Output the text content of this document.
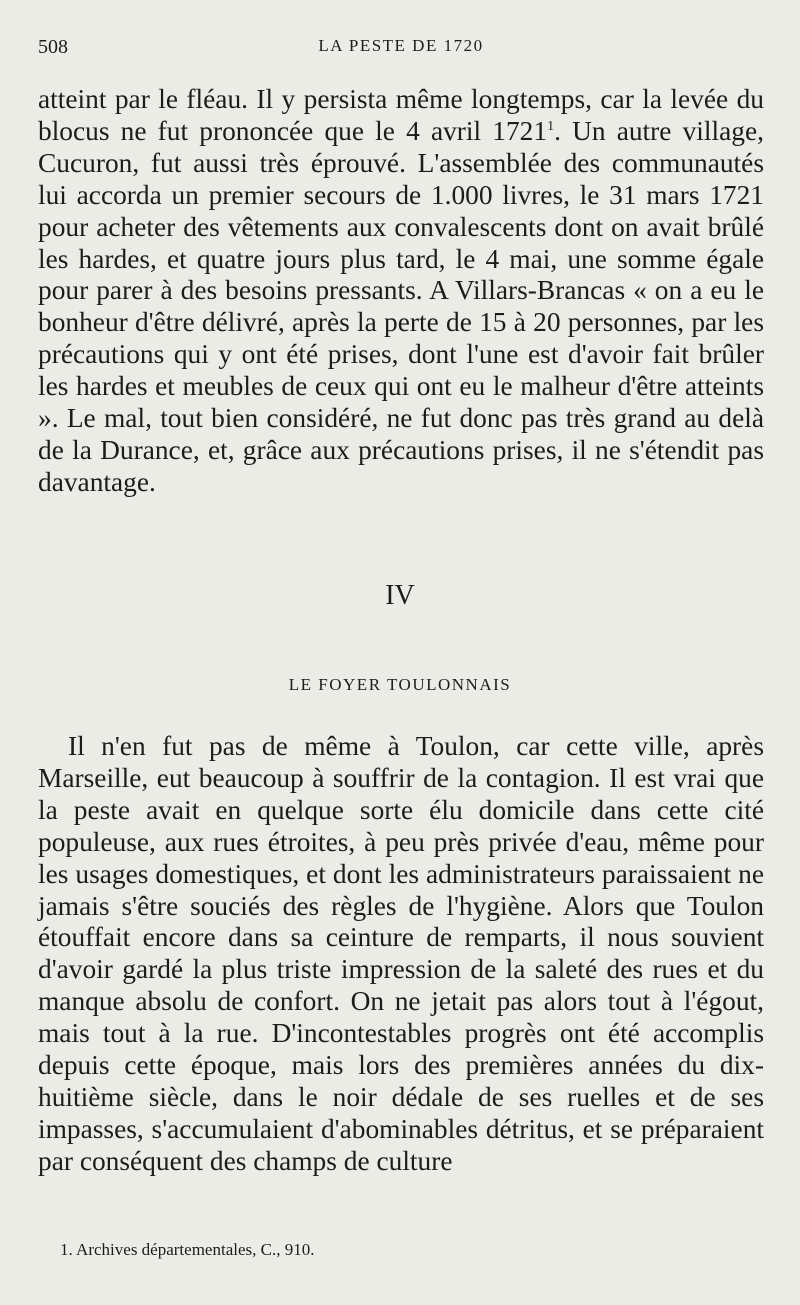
508	LA PESTE DE 1720

atteint par le fléau. Il y persista même longtemps, car la levée du blocus ne fut prononcée que le 4 avril 1721$^1$. Un autre village, Cucuron, fut aussi très éprouvé. L'assemblée des communautés lui accorda un premier secours de 1.000 livres, le 31 mars 1721 pour acheter des vêtements aux convalescents dont on avait brûlé les hardes, et quatre jours plus tard, le 4 mai, une somme égale pour parer à des besoins pressants. A Villars-Brancas « on a eu le bonheur d'être délivré, après la perte de 15 à 20 personnes, par les précautions qui y ont été prises, dont l'une est d'avoir fait brûler les hardes et meubles de ceux qui ont eu le malheur d'être atteints ». Le mal, tout bien considéré, ne fut donc pas très grand au delà de la Durance, et, grâce aux précautions prises, il ne s'étendit pas davantage.

IV
LE FOYER TOULONNAIS

Il n'en fut pas de même à Toulon, car cette ville, après Marseille, eut beaucoup à souffrir de la contagion. Il est vrai que la peste avait en quelque sorte élu domicile dans cette cité populeuse, aux rues étroites, à peu près privée d'eau, même pour les usages domestiques, et dont les administrateurs paraissaient ne jamais s'être souciés des règles de l'hygiène. Alors que Toulon étouffait encore dans sa ceinture de remparts, il nous souvient d'avoir gardé la plus triste impression de la saleté des rues et du manque absolu de confort. On ne jetait pas alors tout à l'égout, mais tout à la rue. D'incontestables progrès ont été accomplis depuis cette époque, mais lors des premières années du dix-huitième siècle, dans le noir dédale de ses ruelles et de ses impasses, s'accumulaient d'abominables détritus, et se préparaient par conséquent des champs de culture

1. Archives départementales, C., 910.
